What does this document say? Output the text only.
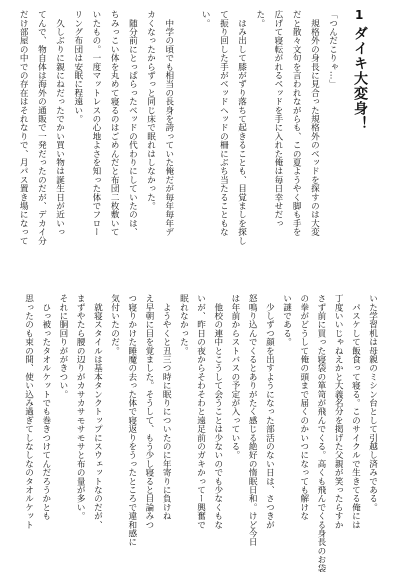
1
ダイキ大変身！
「つんだこりゃ…」
　規格外の身長に見合った規格外のベッドを探すのは大変
だと散々文句を言われながらも、この夏ようやく脚も手を
広げて寝転がれるベッドを手に入れた俺は毎日幸せだっ
た。
　はみ出して膝がずり落ちて起きることも、目覚ましを探し
て振り回した手がベッドヘッドの柵にぶち当たることもな
い。
　中学の頃でも相当の長身を誇っていた俺だが毎年毎年デ
カくなったからずっと同じ床で眠れはしなかった。
　随分前にとっぱらったベッドの代わりにしていたのは、
ちみっこい体を丸めて寝るのはごめんだと布団二枚敷いて
いたもの。一度マットレスの心地よさを知った体でフロー
リング布団は安眠に程遠い。
　久しぶりに親にねだったでかい買い物は誕生日が近いっ
てんで、物自体は海外の通販で一発だったのだが、デカイ分
だけ部屋の中での存在はそれなりで、月パス置き場になって
いた学習机は母親のミシン台として引越し済みである。
　パスケして飯食って寝る。このサイクルで生きてる俺には
丁度いいじゃねえかと大義名分を掲げた父親が笑ったらすか
さず前に買った寝袋の箪笥が飛んでくる。高くも飛んでくる身長のお袋
の拳がどうして俺の頭まで届くのかいつになっても解けな
い謎である。
　少しずつ顔を出すようになった部活のない日は、さつきが
怒鳴り込んでくるとありがたく感じる絶好の惰眠日和。けど今日
は年前からストバスの予定が入っている。
　他校の連中とこうして会うことは少ないのでも少なくもな
いが、昨日の夜からそわそわと遠足前のガキかってー興奮で
眠れなかった。
　ようやくと丑三つ時に眠りについたのに年寄りに負けね
え早朝に目を覚ました。そうして、もう少し寝ると目論みつ
つ寝りかけた睡魔の去った体で寝返りをうったところで違和感に
気付いたのだ。
　就寝スタイルは基本タンクトップにスウェットなのだが、
まずやたら腰の辺りがカサカサモサモサと布の量が多い。
それに胴回りががきつい。
　ひっ被ったタオルケットでも巻きつけてんだろうかとも
思ったのも束の間、使い込み過ぎてしなしなのタオルケット
